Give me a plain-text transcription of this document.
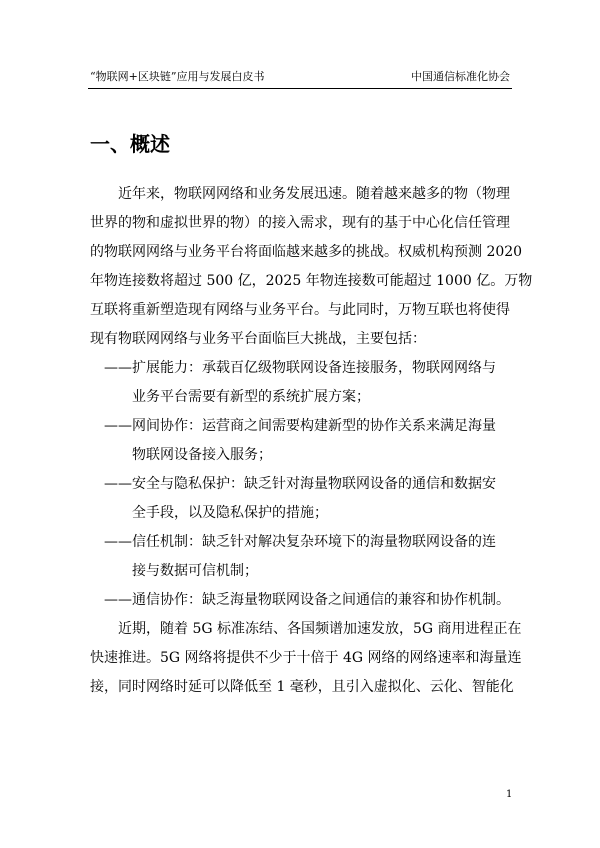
“物联网+区块链”应用与发展白皮书	中国通信标准化协会
一、概述
近年来，物联网网络和业务发展迅速。随着越来越多的物（物理
世界的物和虚拟世界的物）的接入需求，现有的基于中心化信任管理
的物联网网络与业务平台将面临越来越多的挑战。权威机构预测 2020
年物连接数将超过 500 亿，2025 年物连接数可能超过 1000 亿。万物
互联将重新塑造现有网络与业务平台。与此同时，万物互联也将使得
现有物联网网络与业务平台面临巨大挑战，主要包括：
——扩展能力：承载百亿级物联网设备连接服务，物联网网络与
业务平台需要有新型的系统扩展方案；
——网间协作：运营商之间需要构建新型的协作关系来满足海量
物联网设备接入服务；
——安全与隐私保护：缺乏针对海量物联网设备的通信和数据安
全手段，以及隐私保护的措施；
——信任机制：缺乏针对解决复杂环境下的海量物联网设备的连
接与数据可信机制；
——通信协作：缺乏海量物联网设备之间通信的兼容和协作机制。
近期，随着 5G 标准冻结、各国频谱加速发放，5G 商用进程正在
快速推进。5G 网络将提供不少于十倍于 4G 网络的网络速率和海量连
接，同时网络时延可以降低至 1 毫秒，且引入虚拟化、云化、智能化
1
